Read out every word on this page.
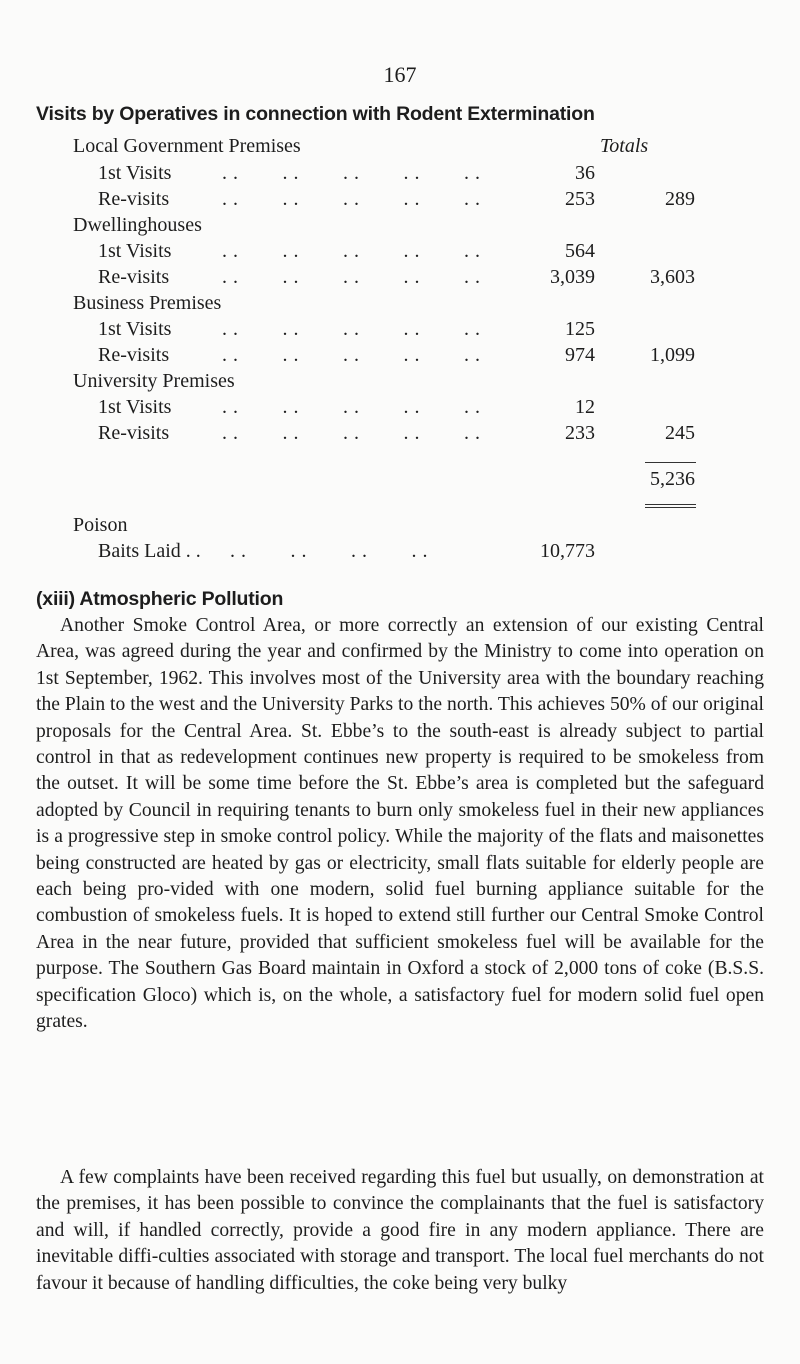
167
Visits by Operatives in connection with Rodent Extermination
Local Government Premises	Totals
1st Visits	. .        . .        . .        . .        . .	36
Re-visits	. .        . .        . .        . .        . .	253	289
Dwellinghouses
1st Visits	. .        . .        . .        . .        . .	564
Re-visits	. .        . .        . .        . .        . .	3,039	3,603
Business Premises
1st Visits	. .        . .        . .        . .        . .	125
Re-visits	. .        . .        . .        . .        . .	974	1,099
University Premises
1st Visits	. .        . .        . .        . .        . .	12
Re-visits	. .        . .        . .        . .        . .	233	245
5,236
Poison
Baits Laid . . . .        . .        . .        . .	10,773
(xiii) Atmospheric Pollution

Another Smoke Control Area, or more correctly an extension of our existing Central Area, was agreed during the year and confirmed by the Ministry to come into operation on 1st September, 1962. This involves most of the University area with the boundary reaching the Plain to the west and the University Parks to the north. This achieves 50% of our original proposals for the Central Area. St. Ebbe’s to the south-east is already subject to partial control in that as redevelopment continues new property is required to be smokeless from the outset. It will be some time before the St. Ebbe’s area is completed but the safeguard adopted by Council in requiring tenants to burn only smokeless fuel in their new appliances is a progressive step in smoke control policy. While the majority of the flats and maisonettes being constructed are heated by gas or electricity, small flats suitable for elderly people are each being pro-vided with one modern, solid fuel burning appliance suitable for the combustion of smokeless fuels. It is hoped to extend still further our Central Smoke Control Area in the near future, provided that sufficient smokeless fuel will be available for the purpose. The Southern Gas Board maintain in Oxford a stock of 2,000 tons of coke (B.S.S. specification Gloco) which is, on the whole, a satisfactory fuel for modern solid fuel open grates.

A few complaints have been received regarding this fuel but usually, on demonstration at the premises, it has been possible to convince the complainants that the fuel is satisfactory and will, if handled correctly, provide a good fire in any modern appliance. There are inevitable diffi-culties associated with storage and transport. The local fuel merchants do not favour it because of handling difficulties, the coke being very bulky
